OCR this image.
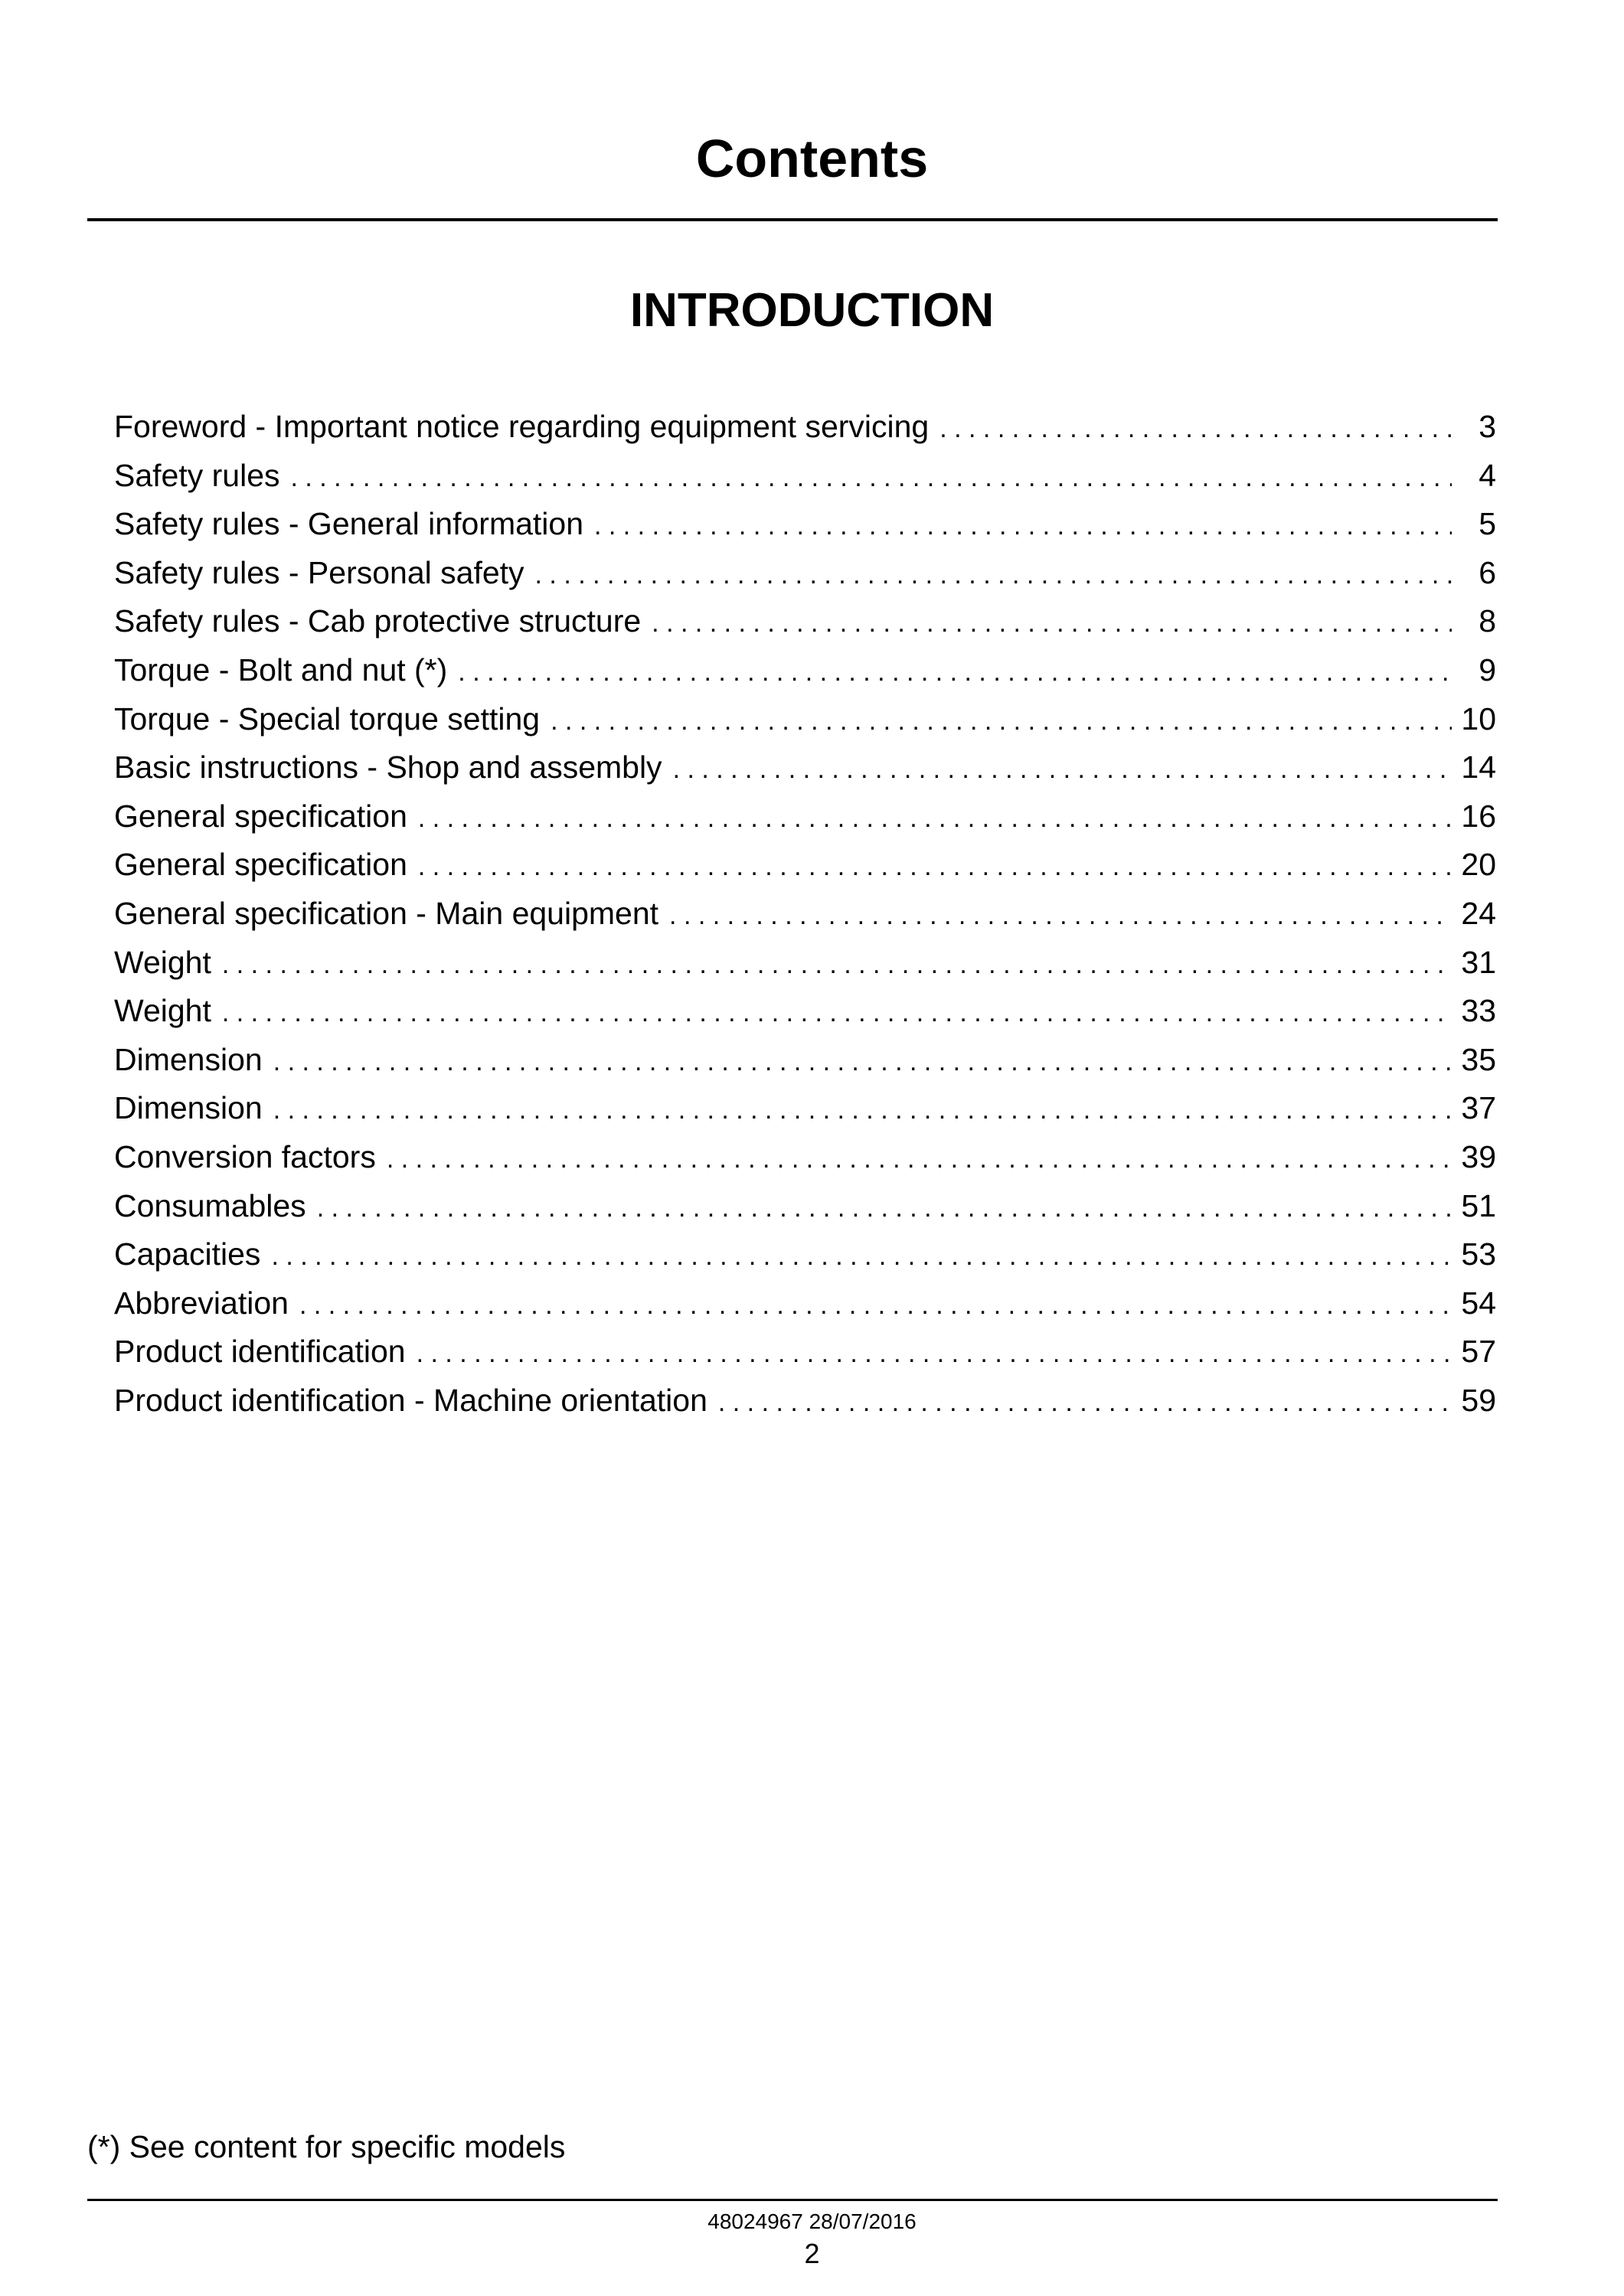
Contents
INTRODUCTION
Foreword - Important notice regarding equipment servicing . . .	3
Safety rules . . .	4
Safety rules - General information . . .	5
Safety rules - Personal safety . . .	6
Safety rules - Cab protective structure . . .	8
Torque - Bolt and nut (*) . . .	9
Torque - Special torque setting . . .	10
Basic instructions - Shop and assembly . . .	14
General specification . . .	16
General specification . . .	20
General specification - Main equipment . . .	24
Weight . . .	31
Weight . . .	33
Dimension . . .	35
Dimension . . .	37
Conversion factors . . .	39
Consumables . . .	51
Capacities . . .	53
Abbreviation . . .	54
Product identification . . .	57
Product identification - Machine orientation . . .	59
(*) See content for specific models
48024967 28/07/2016
2
